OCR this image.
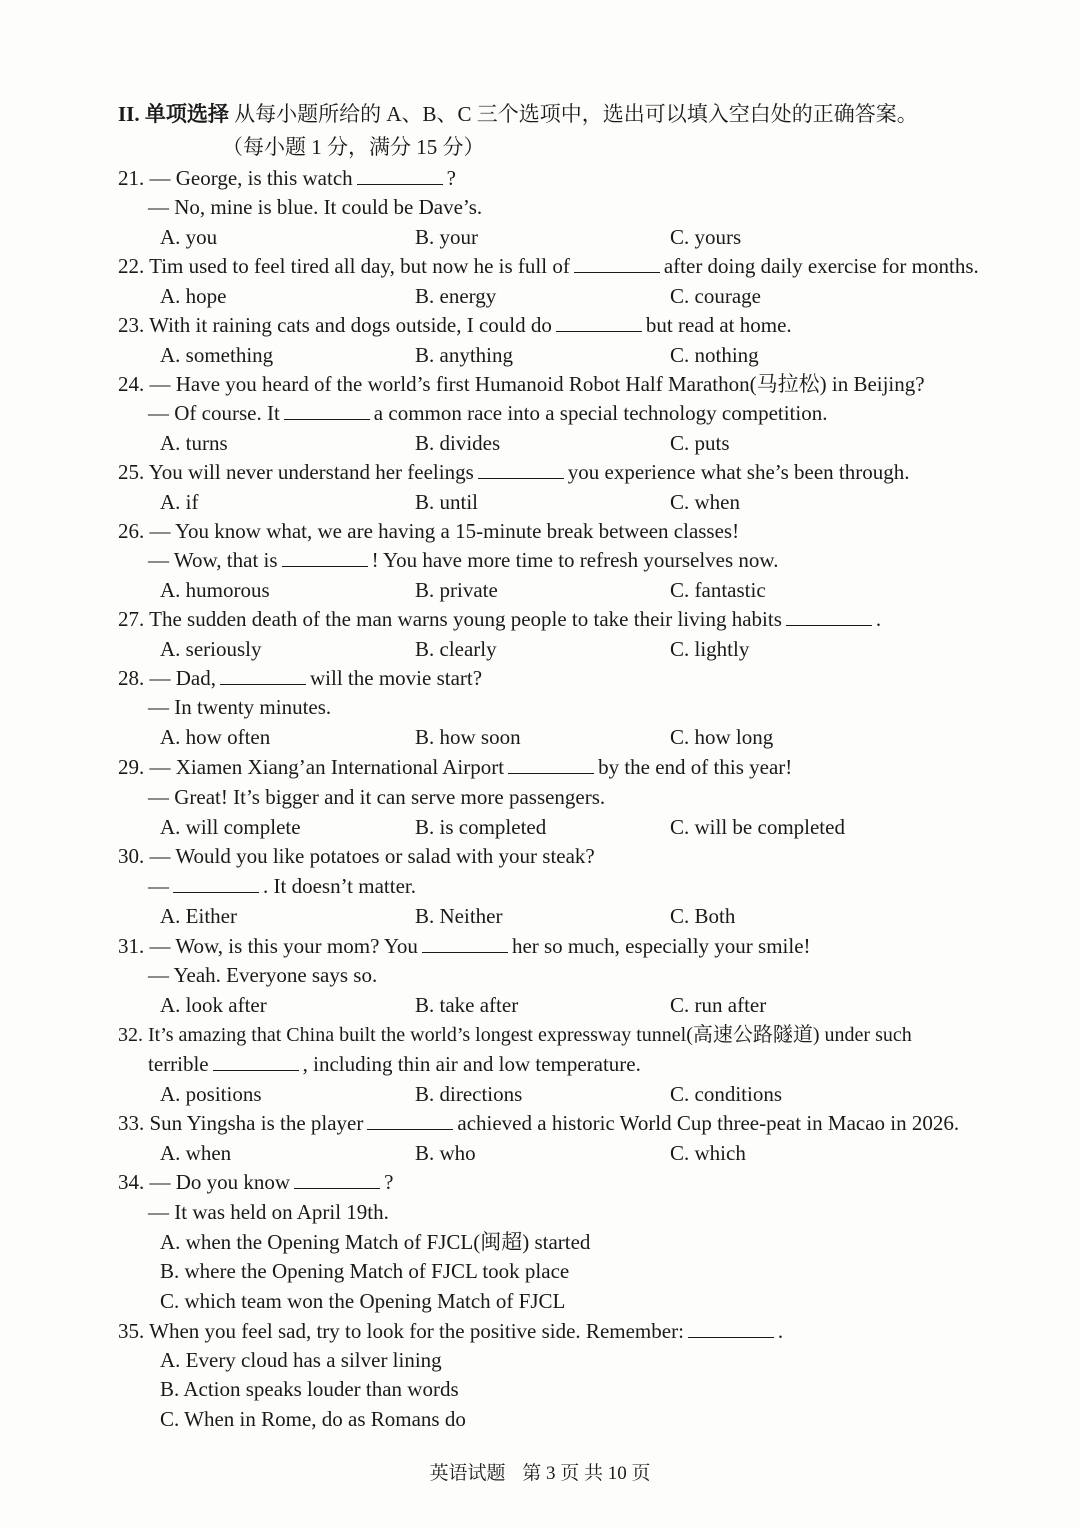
II. 单项选择 从每小题所给的 A、B、C 三个选项中，选出可以填入空白处的正确答案。
（每小题 1 分，满分 15 分）
21. — George, is this watch	?
— No, mine is blue. It could be Dave’s.
A. you	B. your	C. yours
22. Tim used to feel tired all day, but now he is full of	after doing daily exercise for months.
A. hope	B. energy	C. courage
23. With it raining cats and dogs outside, I could do	but read at home.
A. something	B. anything	C. nothing
24. — Have you heard of the world’s first Humanoid Robot Half Marathon(马拉松) in Beijing?
— Of course. It	a common race into a special technology competition.
A. turns	B. divides	C. puts
25. You will never understand her feelings	you experience what she’s been through.
A. if	B. until	C. when
26. — You know what, we are having a 15-minute break between classes!
— Wow, that is	! You have more time to refresh yourselves now.
A. humorous	B. private	C. fantastic
27. The sudden death of the man warns young people to take their living habits	.
A. seriously	B. clearly	C. lightly
28. — Dad,	will the movie start?
— In twenty minutes.
A. how often	B. how soon	C. how long
29. — Xiamen Xiang’an International Airport	by the end of this year!
— Great! It’s bigger and it can serve more passengers.
A. will complete	B. is completed	C. will be completed
30. — Would you like potatoes or salad with your steak?
—	. It doesn’t matter.
A. Either	B. Neither	C. Both
31. — Wow, is this your mom? You	her so much, especially your smile!
— Yeah. Everyone says so.
A. look after	B. take after	C. run after
32. It’s amazing that China built the world’s longest expressway tunnel(高速公路隧道) under such
terrible	, including thin air and low temperature.
A. positions	B. directions	C. conditions
33. Sun Yingsha is the player	achieved a historic World Cup three-peat in Macao in 2026.
A. when	B. who	C. which
34. — Do you know	?
— It was held on April 19th.
A. when the Opening Match of FJCL(闽超) started
B. where the Opening Match of FJCL took place
C. which team won the Opening Match of FJCL
35. When you feel sad, try to look for the positive side. Remember:	.
A. Every cloud has a silver lining
B. Action speaks louder than words
C. When in Rome, do as Romans do
英语试题 第 3 页 共 10 页
